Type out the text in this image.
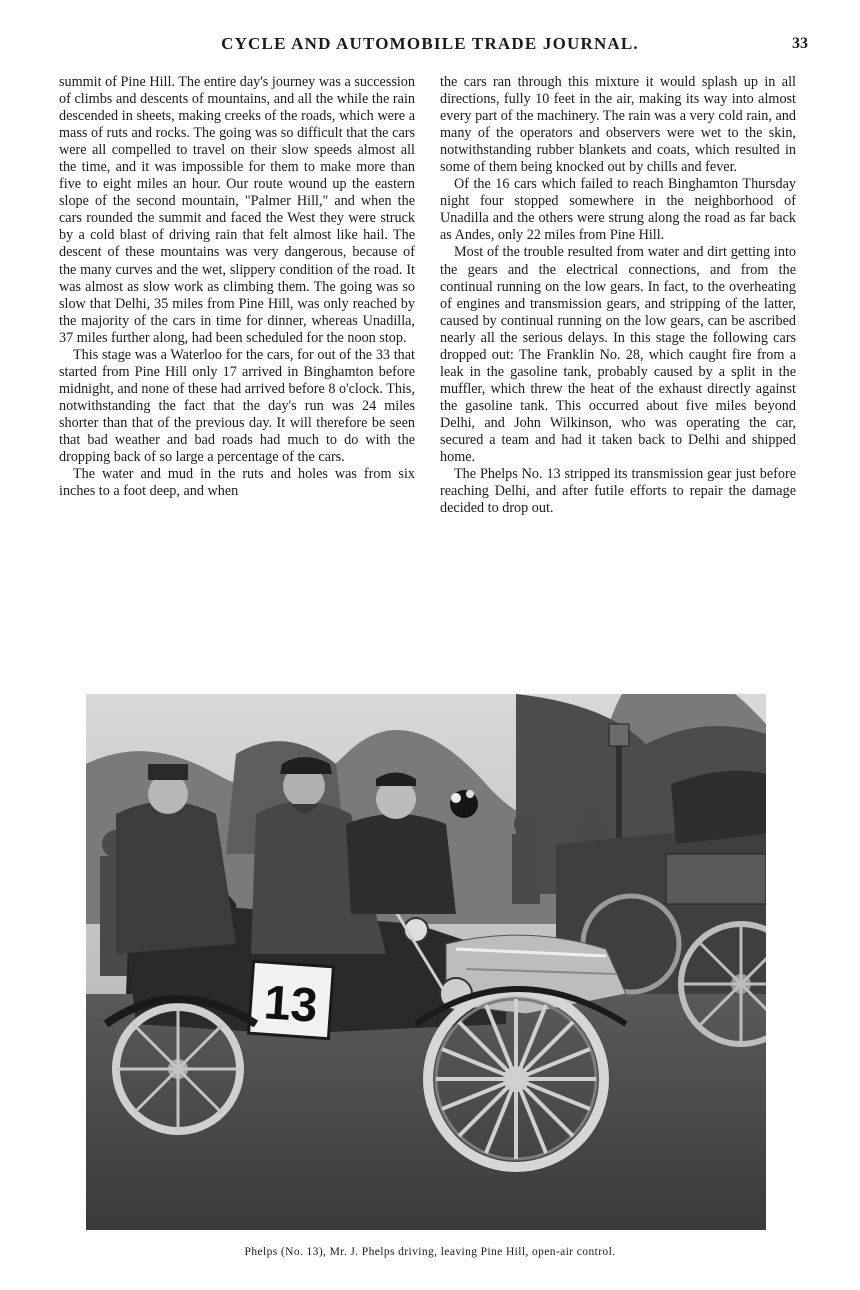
CYCLE AND AUTOMOBILE TRADE JOURNAL.	33

summit of Pine Hill. The entire day's journey was a succession of climbs and descents of mountains, and all the while the rain descended in sheets, making creeks of the roads, which were a mass of ruts and rocks. The going was so difficult that the cars were all compelled to travel on their slow speeds almost all the time, and it was impossible for them to make more than five to eight miles an hour. Our route wound up the eastern slope of the second mountain, "Palmer Hill," and when the cars rounded the summit and faced the West they were struck by a cold blast of driving rain that felt almost like hail. The descent of these mountains was very dangerous, because of the many curves and the wet, slippery condition of the road. It was almost as slow work as climbing them. The going was so slow that Delhi, 35 miles from Pine Hill, was only reached by the majority of the cars in time for dinner, whereas Unadilla, 37 miles further along, had been scheduled for the noon stop.

This stage was a Waterloo for the cars, for out of the 33 that started from Pine Hill only 17 arrived in Binghamton before midnight, and none of these had arrived before 8 o'clock. This, notwithstanding the fact that the day's run was 24 miles shorter than that of the previous day. It will therefore be seen that bad weather and bad roads had much to do with the dropping back of so large a percentage of the cars.

The water and mud in the ruts and holes was from six inches to a foot deep, and when

the cars ran through this mixture it would splash up in all directions, fully 10 feet in the air, making its way into almost every part of the machinery. The rain was a very cold rain, and many of the operators and observers were wet to the skin, notwithstanding rubber blankets and coats, which resulted in some of them being knocked out by chills and fever.

Of the 16 cars which failed to reach Binghamton Thursday night four stopped somewhere in the neighborhood of Unadilla and the others were strung along the road as far back as Andes, only 22 miles from Pine Hill.

Most of the trouble resulted from water and dirt getting into the gears and the electrical connections, and from the continual running on the low gears. In fact, to the overheating of engines and transmission gears, and stripping of the latter, caused by continual running on the low gears, can be ascribed nearly all the serious delays. In this stage the following cars dropped out: The Franklin No. 28, which caught fire from a leak in the gasoline tank, probably caused by a split in the muffler, which threw the heat of the exhaust directly against the gasoline tank. This occurred about five miles beyond Delhi, and John Wilkinson, who was operating the car, secured a team and had it taken back to Delhi and shipped home.

The Phelps No. 13 stripped its transmission gear just before reaching Delhi, and after futile efforts to repair the damage decided to drop out.

13
Phelps (No. 13), Mr. J. Phelps driving, leaving Pine Hill, open-air control.
